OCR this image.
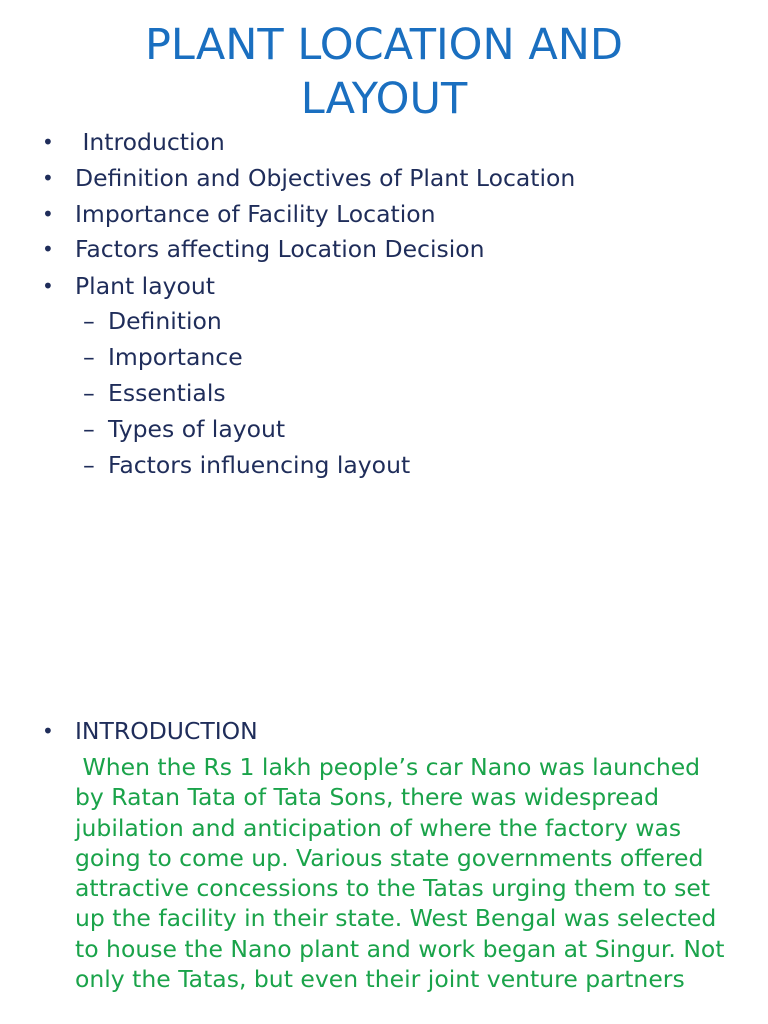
PLANT LOCATION AND
LAYOUT
• Introduction
• Definition and Objectives of Plant Location
• Importance of Facility Location
• Factors affecting Location Decision
• Plant layout
– Definition
– Importance
– Essentials
– Types of layout
– Factors influencing layout
• INTRODUCTION

When the Rs 1 lakh people’s car Nano was launched by Ratan Tata of Tata Sons, there was widespread jubilation and anticipation of where the factory was going to come up. Various state governments offered attractive concessions to the Tatas urging them to set up the facility in their state. West Bengal was selected to house the Nano plant and work began at Singur. Not only the Tatas, but even their joint venture partners
